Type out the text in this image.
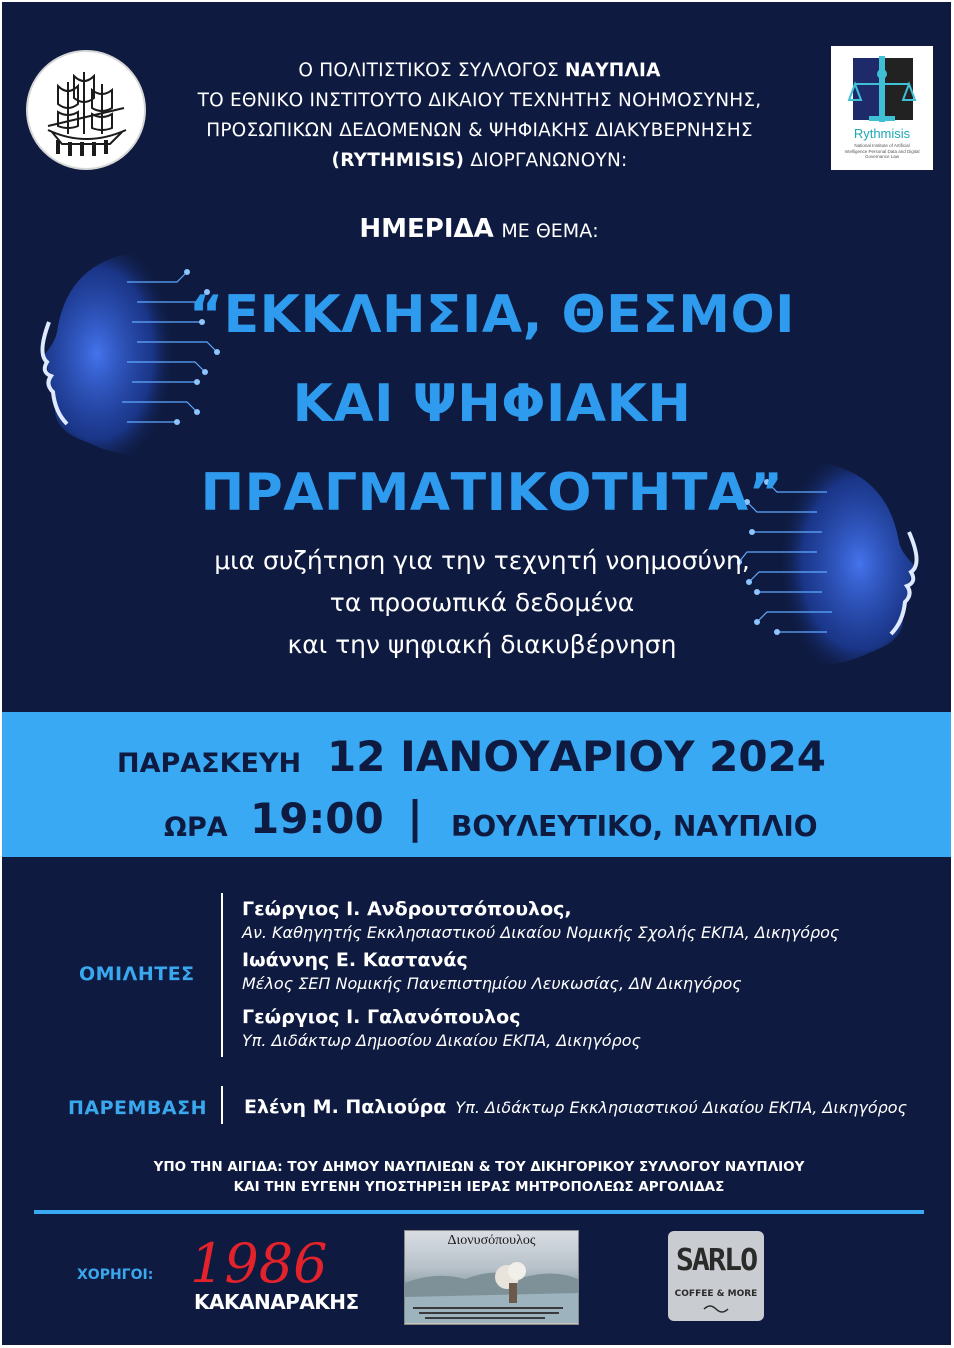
Ο ΠΟΛΙΤΙΣΤΙΚΟΣ ΣΥΛΛΟΓΟΣ ΝΑΥΠΛΙΑ
ΤΟ ΕΘΝΙΚΟ ΙΝΣΤΙΤΟΥΤΟ ΔΙΚΑΙΟΥ ΤΕΧΝΗΤΗΣ ΝΟΗΜΟΣΥΝΗΣ,
ΠΡΟΣΩΠΙΚΩΝ ΔΕΔΟΜΕΝΩΝ & ΨΗΦΙΑΚΗΣ ΔΙΑΚΥΒΕΡΝΗΣΗΣ
(RYTHMISIS) ΔΙΟΡΓΑΝΩΝΟΥΝ:
Rythmisis
National Institute of Artificial Intelligence Personal Data and Digital Governance Law
ΗΜΕΡΙΔΑ ΜΕ ΘΕΜΑ:
“ΕΚΚΛΗΣΙΑ, ΘΕΣΜΟΙ
ΚΑΙ ΨΗΦΙΑΚΗ
ΠΡΑΓΜΑΤΙΚΟΤΗΤΑ”
μια συζήτηση για την τεχνητή νοημοσύνη,
τα προσωπικά δεδομένα
και την ψηφιακή διακυβέρνηση
ΠΑΡΑΣΚΕΥΗ 12 ΙΑΝΟΥΑΡΙΟΥ 2024
ΩΡΑ 19:00 | ΒΟΥΛΕΥΤΙΚΟ, ΝΑΥΠΛΙΟ
ΟΜΙΛΗΤΕΣ
Γεώργιος Ι. Ανδρουτσόπουλος,
Αν. Καθηγητής Εκκλησιαστικού Δικαίου Νομικής Σχολής ΕΚΠΑ, Δικηγόρος
Ιωάννης Ε. Καστανάς
Μέλος ΣΕΠ Νομικής Πανεπιστημίου Λευκωσίας, ΔΝ Δικηγόρος
Γεώργιος Ι. Γαλανόπουλος
Υπ. Διδάκτωρ Δημοσίου Δικαίου ΕΚΠΑ, Δικηγόρος
ΠΑΡΕΜΒΑΣΗ Ελένη Μ. Παλιούρα Υπ. Διδάκτωρ Εκκλησιαστικού Δικαίου ΕΚΠΑ, Δικηγόρος
ΥΠΟ ΤΗΝ ΑΙΓΙΔΑ: ΤΟΥ ΔΗΜΟΥ ΝΑΥΠΛΙΕΩΝ & ΤΟΥ ΔΙΚΗΓΟΡΙΚΟΥ ΣΥΛΛΟΓΟΥ ΝΑΥΠΛΙΟΥ
ΚΑΙ ΤΗΝ ΕΥΓΕΝΗ ΥΠΟΣΤΗΡΙΞΗ ΙΕΡΑΣ ΜΗΤΡΟΠΟΛΕΩΣ ΑΡΓΟΛΙΔΑΣ
ΧΟΡΗΓΟΙ: 1986
ΚΑΚΑΝΑΡΑΚΗΣ
Διονυσόπουλος
SARLO
COFFEE & MORE
